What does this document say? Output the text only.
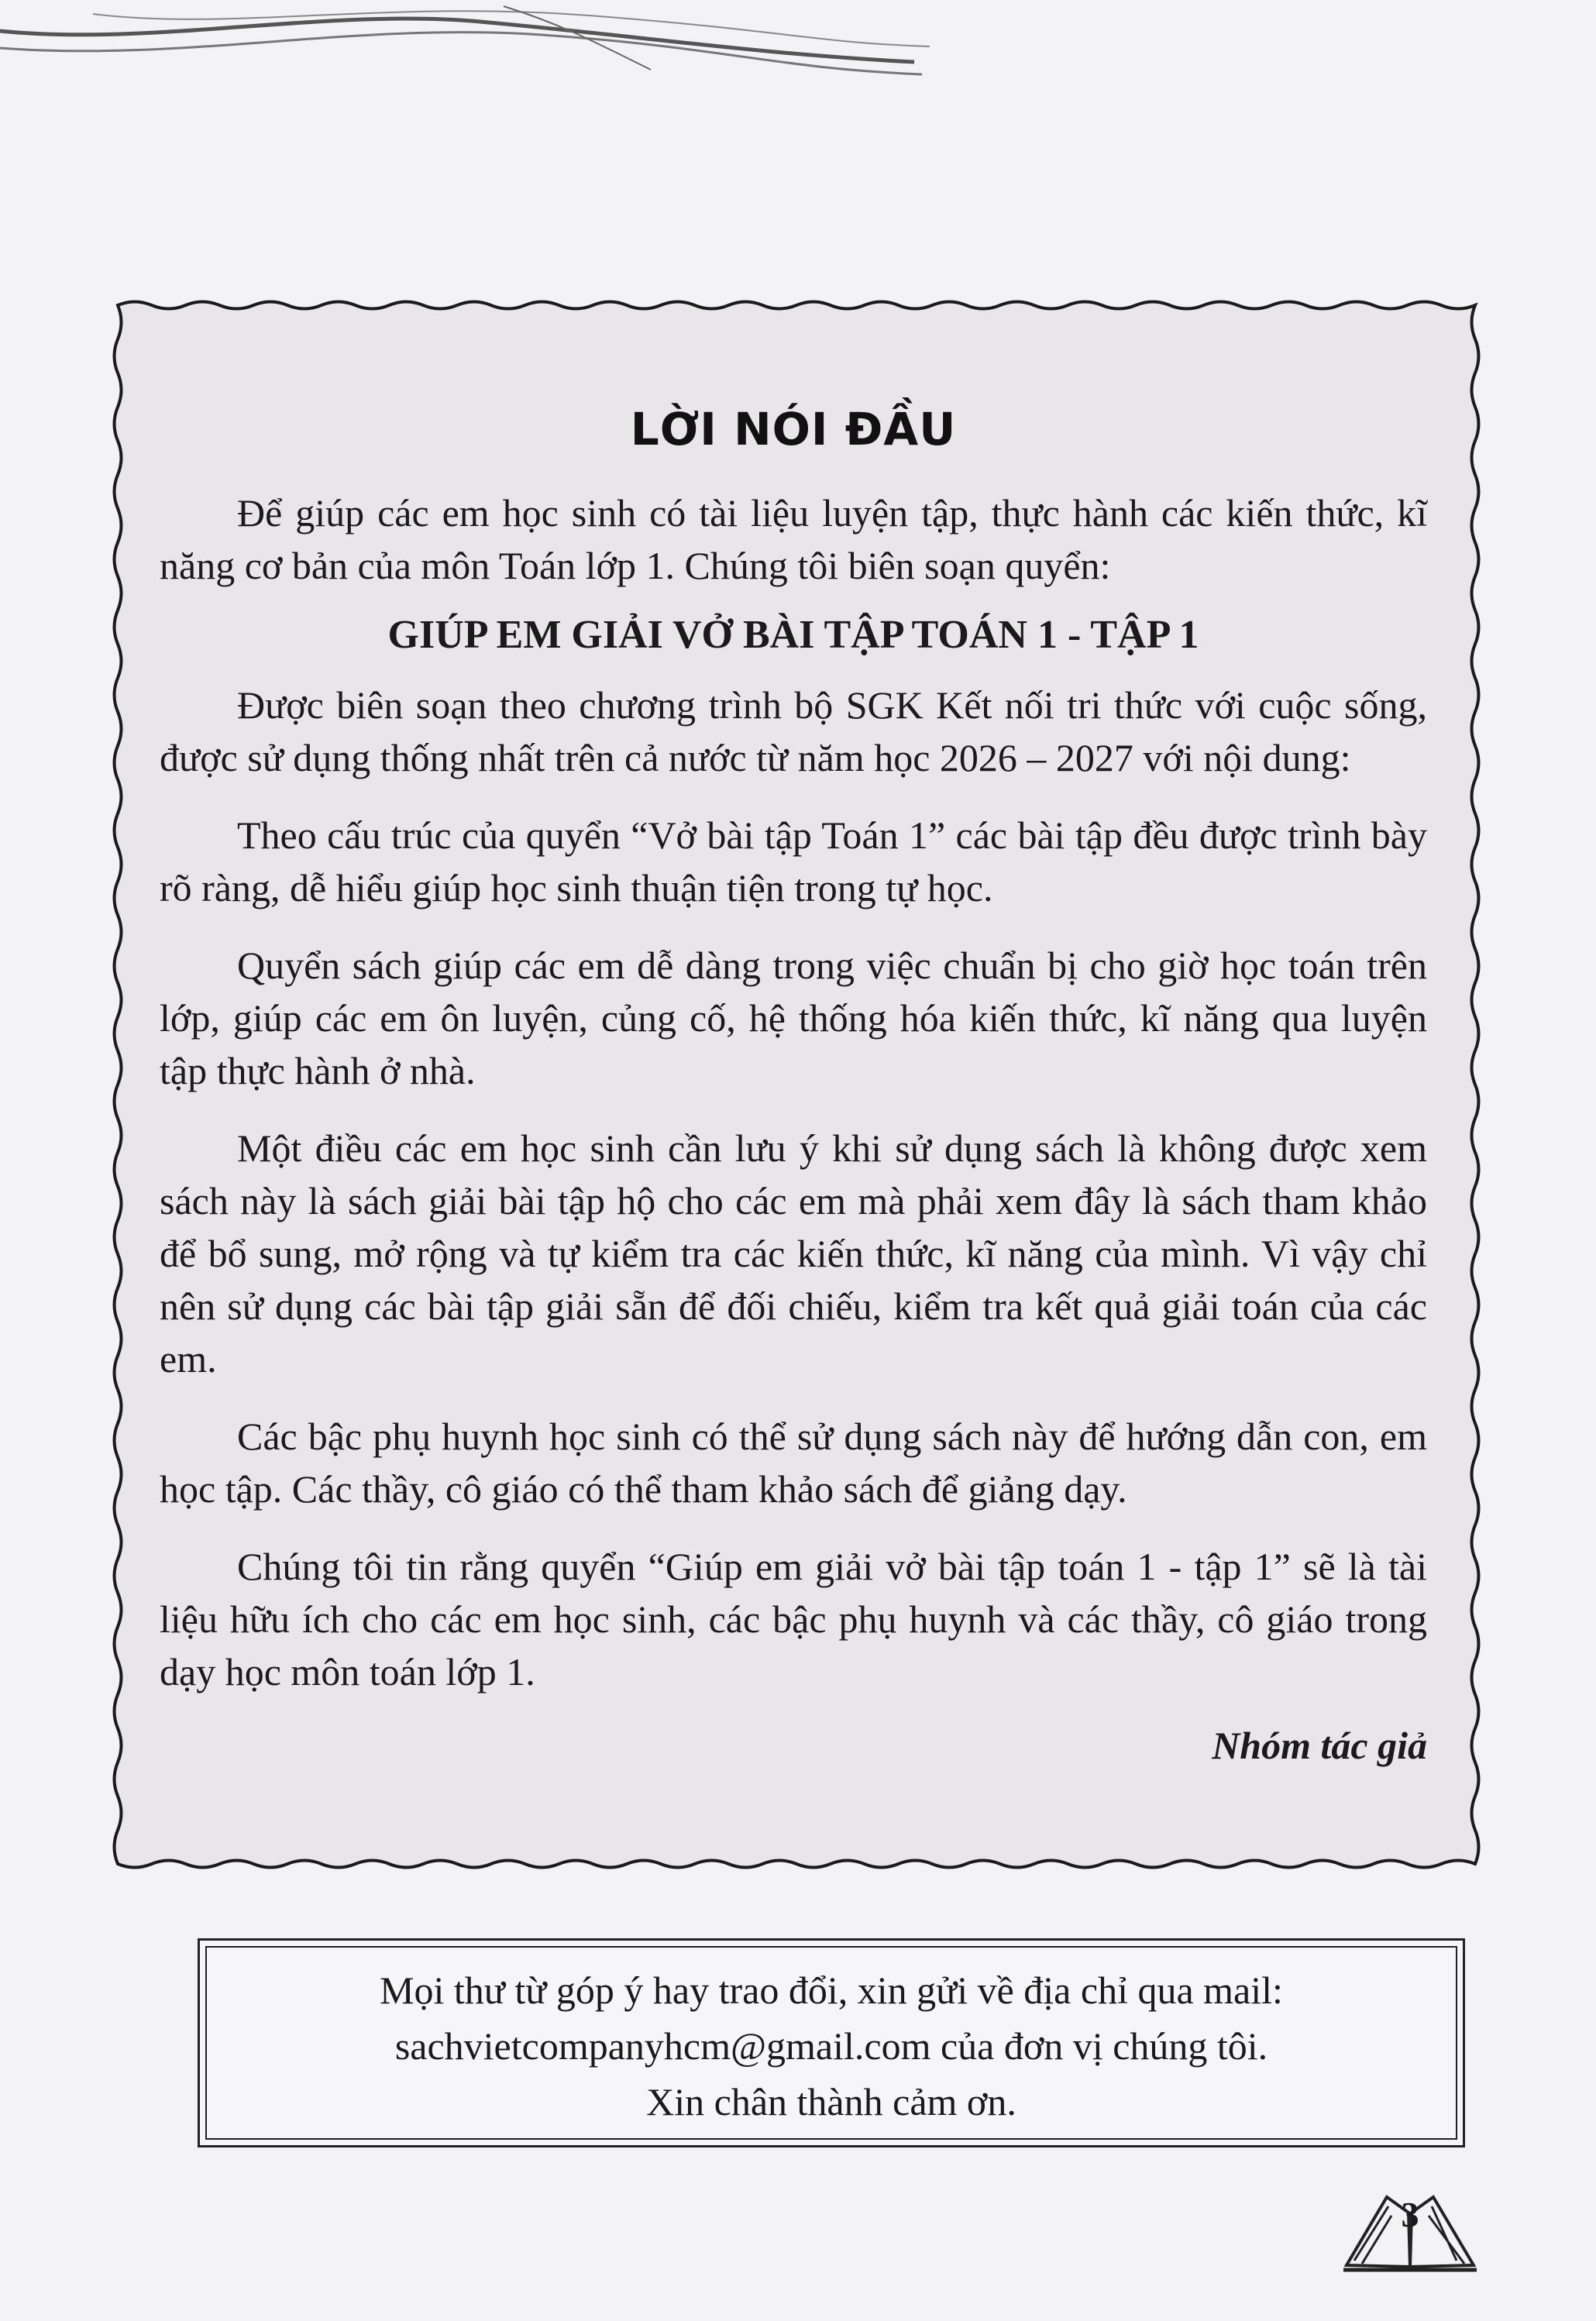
LỜI NÓI ĐẦU

Để giúp các em học sinh có tài liệu luyện tập, thực hành các kiến thức, kĩ năng cơ bản của môn Toán lớp 1. Chúng tôi biên soạn quyển:

GIÚP EM GIẢI VỞ BÀI TẬP TOÁN 1 - TẬP 1

Được biên soạn theo chương trình bộ SGK Kết nối tri thức với cuộc sống, được sử dụng thống nhất trên cả nước từ năm học 2026 – 2027 với nội dung:

Theo cấu trúc của quyển “Vở bài tập Toán 1” các bài tập đều được trình bày rõ ràng, dễ hiểu giúp học sinh thuận tiện trong tự học.

Quyển sách giúp các em dễ dàng trong việc chuẩn bị cho giờ học toán trên lớp, giúp các em ôn luyện, củng cố, hệ thống hóa kiến thức, kĩ năng qua luyện tập thực hành ở nhà.

Một điều các em học sinh cần lưu ý khi sử dụng sách là không được xem sách này là sách giải bài tập hộ cho các em mà phải xem đây là sách tham khảo để bổ sung, mở rộng và tự kiểm tra các kiến thức, kĩ năng của mình. Vì vậy chỉ nên sử dụng các bài tập giải sẵn để đối chiếu, kiểm tra kết quả giải toán của các em.

Các bậc phụ huynh học sinh có thể sử dụng sách này để hướng dẫn con, em học tập. Các thầy, cô giáo có thể tham khảo sách để giảng dạy.

Chúng tôi tin rằng quyển “Giúp em giải vở bài tập toán 1 - tập 1” sẽ là tài liệu hữu ích cho các em học sinh, các bậc phụ huynh và các thầy, cô giáo trong dạy học môn toán lớp 1.

Nhóm tác giả

Mọi thư từ góp ý hay trao đổi, xin gửi về địa chỉ qua mail:
sachvietcompanyhcm@gmail.com của đơn vị chúng tôi.
Xin chân thành cảm ơn.
3
